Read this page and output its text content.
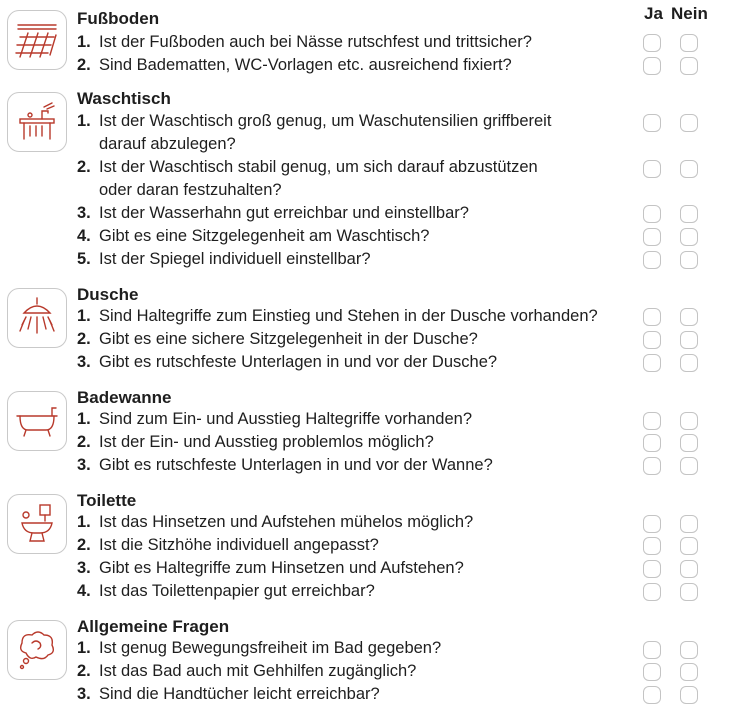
Ja Nein
Fußboden
1. Ist der Fußboden auch bei Nässe rutschfest und trittsicher?
2. Sind Badematten, WC-Vorlagen etc. ausreichend fixiert?
Waschtisch
1. Ist der Waschtisch groß genug, um Waschutensilien griffbereit
darauf abzulegen?
2. Ist der Waschtisch stabil genug, um sich darauf abzustützen
oder daran festzuhalten?
3. Ist der Wasserhahn gut erreichbar und einstellbar?
4. Gibt es eine Sitzgelegenheit am Waschtisch?
5. Ist der Spiegel individuell einstellbar?
Dusche
1. Sind Haltegriffe zum Einstieg und Stehen in der Dusche vorhanden?
2. Gibt es eine sichere Sitzgelegenheit in der Dusche?
3. Gibt es rutschfeste Unterlagen in und vor der Dusche?
Badewanne
1. Sind zum Ein- und Ausstieg Haltegriffe vorhanden?
2. Ist der Ein- und Ausstieg problemlos möglich?
3. Gibt es rutschfeste Unterlagen in und vor der Wanne?
Toilette
1. Ist das Hinsetzen und Aufstehen mühelos möglich?
2. Ist die Sitzhöhe individuell angepasst?
3. Gibt es Haltegriffe zum Hinsetzen und Aufstehen?
4. Ist das Toilettenpapier gut erreichbar?
Allgemeine Fragen
1. Ist genug Bewegungsfreiheit im Bad gegeben?
2. Ist das Bad auch mit Gehhilfen zugänglich?
3. Sind die Handtücher leicht erreichbar?
